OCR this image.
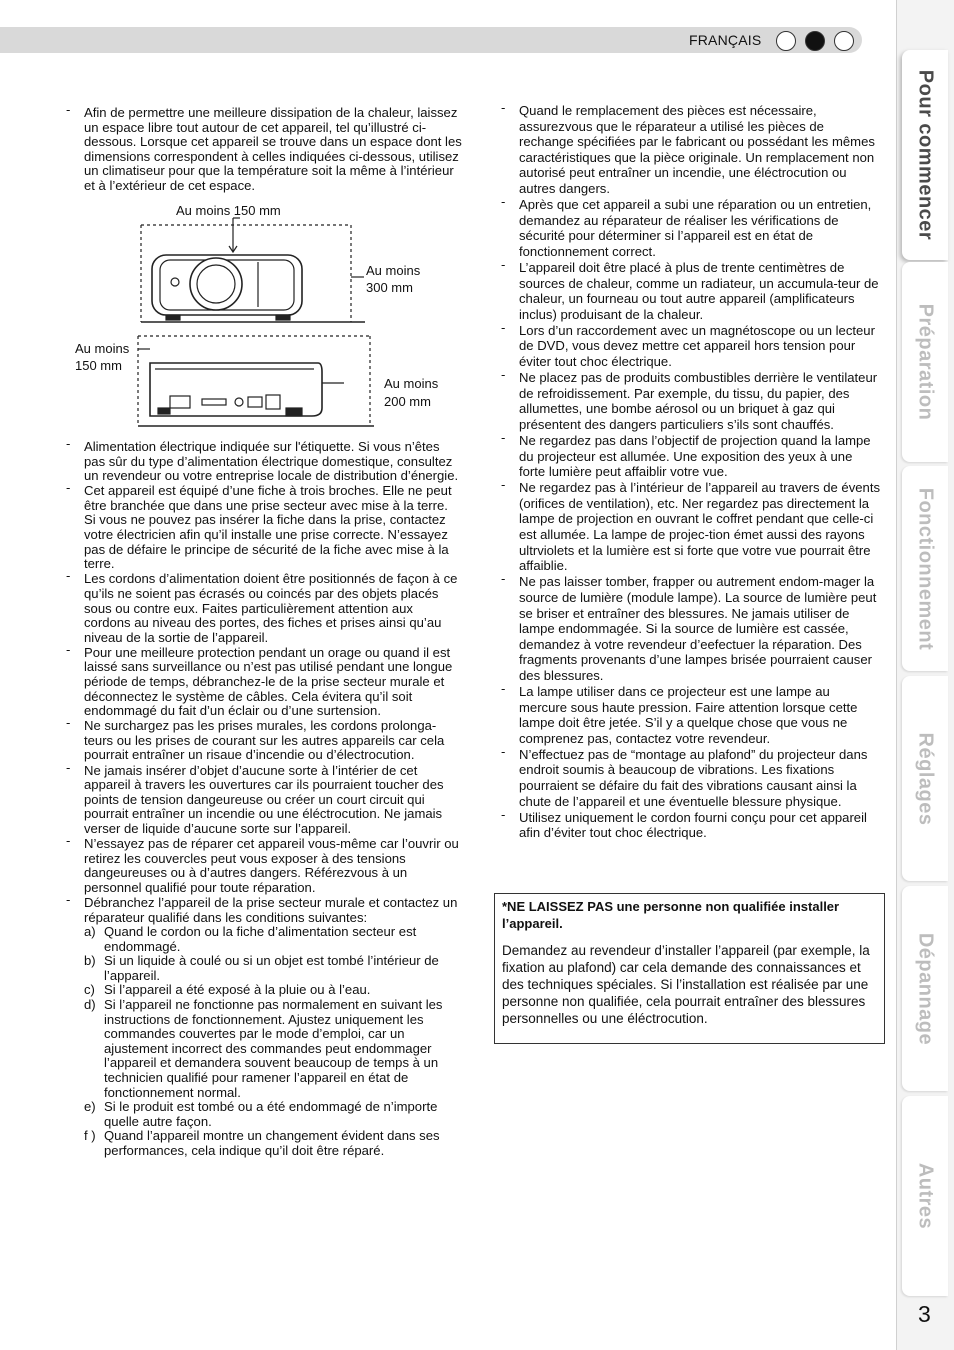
FRANÇAIS
Pour commencer
Préparation
Fonctionnement
Réglages
Dépannage
Autres
3
- Afin de permettre une meilleure dissipation de la chaleur, laissez un espace libre tout autour de cet appareil, tel qu’illustré ci-dessous. Lorsque cet appareil se trouve dans un espace dont les dimensions correspondent à celles indiquées ci-dessous, utilisez un climatiseur pour que la température soit la même à l’intérieur et à l’extérieur de cet espace.
Au moins 150 mm
Au moins
300 mm
Au moins
150 mm
Au moins
200 mm
- Alimentation électrique indiquée sur l'étiquette. Si vous n’êtes pas sûr du type d’alimentation électrique domestique, consultez un revendeur ou votre entreprise locale de distribution d’énergie.
- Cet appareil est équipé d’une fiche à trois broches. Elle ne peut être branchée que dans une prise secteur avec mise à la terre. Si vous ne pouvez pas insérer la fiche dans la prise, contactez votre électricien afin qu’il installe une prise correcte. N’essayez pas de défaire le principe de sécurité de la fiche avec mise à la terre.
- Les cordons d’alimentation doient être positionnés de façon à ce qu’ils ne soient pas écrasés ou coincés par des objets placés sous ou contre eux. Faites particulièrement attention aux cordons au niveau des portes, des fiches et prises ainsi qu’au niveau de la sortie de l’appareil.
- Pour une meilleure protection pendant un orage ou quand il est laissé sans surveillance ou n’est pas utilisé pendant une longue période de temps, débranchez-le de la prise secteur murale et déconnectez le système de câbles. Cela évitera qu’il soit endommagé du fait d’un éclair ou d’une surtension.
- Ne surchargez pas les prises murales, les cordons prolonga-teurs ou les prises de courant sur les autres appareils car cela pourrait entraîner un risaue d’incendie ou d’électrocution.
- Ne jamais insérer d’objet d’aucune sorte à l’intérier de cet appareil à travers les ouvertures car ils pourraient toucher des points de tension dangeureuse ou créer un court circuit qui pourrait entraîner un incendie ou une éléctrocution. Ne jamais verser de liquide d’aucune sorte sur l’appareil.
- N’essayez pas de réparer cet appareil vous-même car l’ouvrir ou retirez les couvercles peut vous exposer à des tensions dangeureuses ou à d’autres dangers. Référezvous à un personnel qualifié pour toute réparation.
- Débranchez l’appareil de la prise secteur murale et contactez un réparateur qualifié dans les conditions suivantes:
a) Quand le cordon ou la fiche d’alimentation secteur est endommagé.
b) Si un liquide à coulé ou si un objet est tombé l’intérieur de l’appareil.
c) Si l’appareil a été exposé à la pluie ou à l’eau.
d) Si l’appareil ne fonctionne pas normalement en suivant les instructions de fonctionnement. Ajustez uniquement les commandes couvertes par le mode d’emploi, car un ajustement incorrect des commandes peut endommager l’appareil et demandera souvent beaucoup de temps à un technicien qualifié pour ramener l’appareil en état de fonctionnement normal.
e) Si le produit est tombé ou a été endommagé de n’importe quelle autre façon.
f ) Quand l’appareil montre un changement évident dans ses performances, cela indique qu’il doit être réparé.
- Quand le remplacement des pièces est nécessaire, assurezvous que le réparateur a utilisé les pièces de rechange spécifiées par le fabricant ou possédant les mêmes caractéristiques que la pièce originale. Un remplacement non autorisé peut entraîner un incendie, une éléctrocution ou autres dangers.
- Après que cet appareil a subi une réparation ou un entretien, demandez au réparateur de réaliser les vérifications de sécurité pour déterminer si l’appareil est en état de fonctionnement correct.
- L’appareil doit être placé à plus de trente centimètres de sources de chaleur, comme un radiateur, un accumula-teur de chaleur, un fourneau ou tout autre appareil (amplificateurs inclus) produisant de la chaleur.
- Lors d’un raccordement avec un magnétoscope ou un lecteur de DVD, vous devez mettre cet appareil hors tension pour éviter tout choc électrique.
- Ne placez pas de produits combustibles derrière le ventilateur de refroidissement. Par exemple, du tissu, du papier, des allumettes, une bombe aérosol ou un briquet à gaz qui présentent des dangers particuliers s’ils sont chauffés.
- Ne regardez pas dans l’objectif de projection quand la lampe du projecteur est allumée. Une exposition des yeux à une forte lumière peut affaiblir votre vue.
- Ne regardez pas à l’intérieur de l’appareil au travers de évents (orifices de ventilation), etc. Ner regardez pas directement la lampe de projection en ouvrant le coffret pendant que celle-ci est allumée. La lampe de projec-tion émet aussi des rayons ultrviolets et la lumière est si forte que votre vue pourrait être affaiblie.
- Ne pas laisser tomber, frapper ou autrement endom-mager la source de lumière (module lampe). La source de lumière peut se briser et entraîner des blessures. Ne jamais utiliser de lampe endommagée. Si la source de lumière est cassée, demandez à votre revendeur d’eefectuer la réparation. Des fragments provenants d’une lampes brisée pourraient causer des blessures.
- La lampe utiliser dans ce projecteur est une lampe au mercure sous haute pression. Faire attention lorsque cette lampe doit être jetée. S’il y a quelque chose que vous ne comprenez pas, contactez votre revendeur.
- N’effectuez pas de “montage au plafond” du projecteur dans endroit soumis à beaucoup de vibrations. Les fixations pourraient se défaire du fait des vibrations causant ainsi la chute de l’appareil et une éventuelle blessure physique.
- Utilisez uniquement le cordon fourni conçu pour cet appareil afin d’éviter tout choc électrique.
*NE LAISSEZ PAS une personne non qualifiée installer l’appareil.
Demandez au revendeur d’installer l’appareil (par exemple, la fixation au plafond) car cela demande des connaissances et des techniques spéciales. Si l’installation est réalisée par une personne non qualifiée, cela pourrait entraîner des blessures personnelles ou une éléctrocution.
